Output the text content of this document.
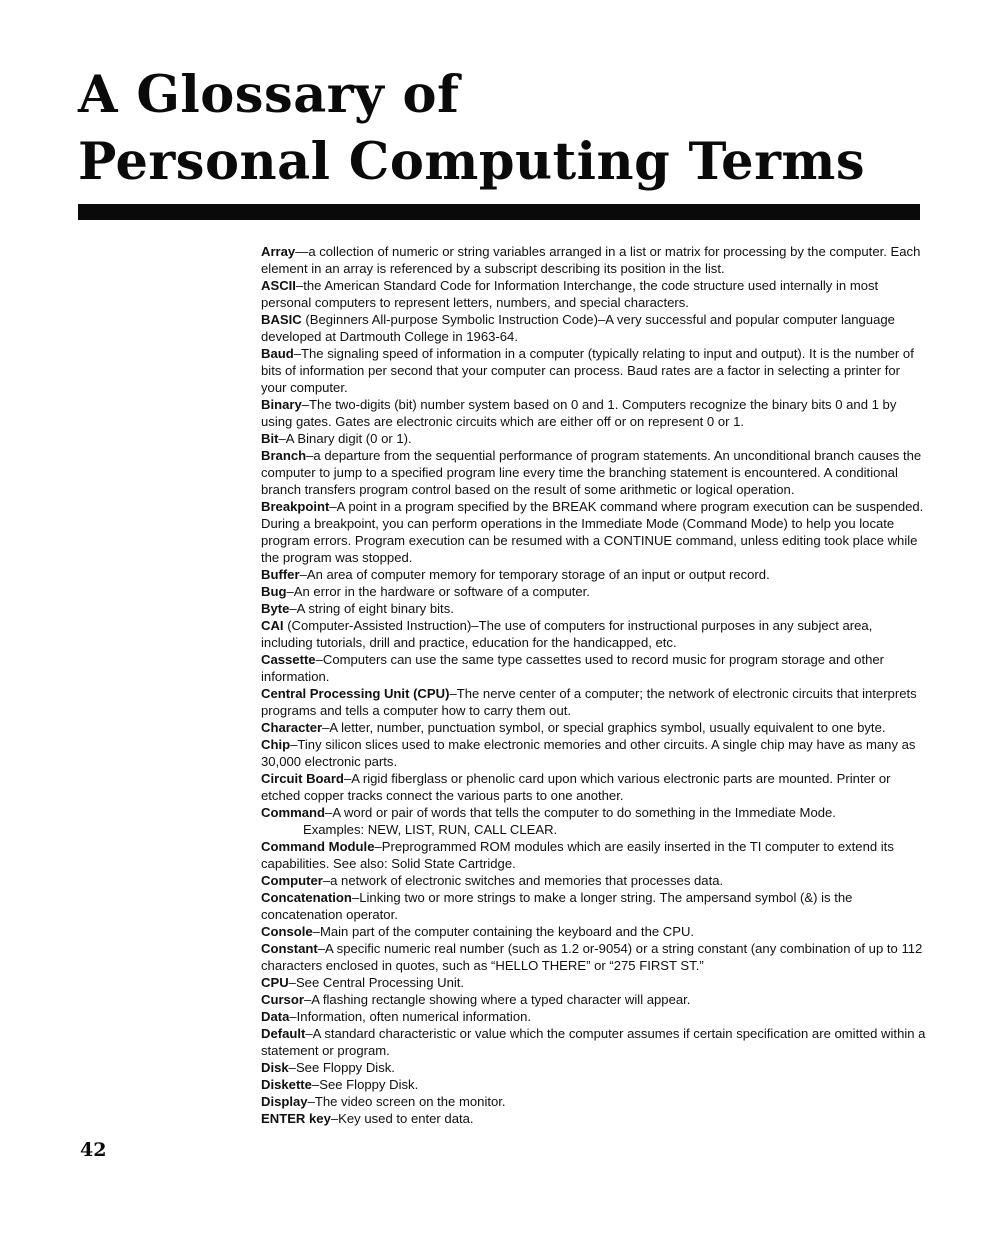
A Glossary of
Personal Computing Terms

Array—a collection of numeric or string variables arranged in a list or matrix for processing by the computer. Each element in an array is referenced by a subscript describing its position in the list.

ASCII–the American Standard Code for Information Interchange, the code structure used internally in most personal computers to represent letters, numbers, and special characters.

BASIC (Beginners All-purpose Symbolic Instruction Code)–A very successful and popular computer language developed at Dartmouth College in 1963-64.

Baud–The signaling speed of information in a computer (typically relating to input and output). It is the number of bits of information per second that your computer can process. Baud rates are a factor in selecting a printer for your computer.

Binary–The two-digits (bit) number system based on 0 and 1. Computers recognize the binary bits 0 and 1 by using gates. Gates are electronic circuits which are either off or on represent 0 or 1.

Bit–A Binary digit (0 or 1).

Branch–a departure from the sequential performance of program statements. An unconditional branch causes the computer to jump to a specified program line every time the branching statement is encountered. A conditional branch transfers program control based on the result of some arithmetic or logical operation.

Breakpoint–A point in a program specified by the BREAK command where program execution can be suspended. During a breakpoint, you can perform operations in the Immediate Mode (Command Mode) to help you locate program errors. Program execution can be resumed with a CONTINUE command, unless editing took place while the program was stopped.

Buffer–An area of computer memory for temporary storage of an input or output record.

Bug–An error in the hardware or software of a computer.

Byte–A string of eight binary bits.

CAI (Computer-Assisted Instruction)–The use of computers for instructional purposes in any subject area, including tutorials, drill and practice, education for the handicapped, etc.

Cassette–Computers can use the same type cassettes used to record music for program storage and other information.

Central Processing Unit (CPU)–The nerve center of a computer; the network of electronic circuits that interprets programs and tells a computer how to carry them out.

Character–A letter, number, punctuation symbol, or special graphics symbol, usually equivalent to one byte.

Chip–Tiny silicon slices used to make electronic memories and other circuits. A single chip may have as many as 30,000 electronic parts.

Circuit Board–A rigid fiberglass or phenolic card upon which various electronic parts are mounted. Printer or etched copper tracks connect the various parts to one another.

Command–A word or pair of words that tells the computer to do something in the Immediate Mode.

Examples: NEW, LIST, RUN, CALL CLEAR.

Command Module–Preprogrammed ROM modules which are easily inserted in the TI computer to extend its capabilities. See also: Solid State Cartridge.

Computer–a network of electronic switches and memories that processes data.

Concatenation–Linking two or more strings to make a longer string. The ampersand symbol (&) is the concatenation operator.

Console–Main part of the computer containing the keyboard and the CPU.

Constant–A specific numeric real number (such as 1.2 or-9054) or a string constant (any combination of up to 112 characters enclosed in quotes, such as “HELLO THERE” or “275 FIRST ST.”

CPU–See Central Processing Unit.

Cursor–A flashing rectangle showing where a typed character will appear.

Data–Information, often numerical information.

Default–A standard characteristic or value which the computer assumes if certain specification are omitted within a statement or program.

Disk–See Floppy Disk.

Diskette–See Floppy Disk.

Display–The video screen on the monitor.

ENTER key–Key used to enter data.

42
